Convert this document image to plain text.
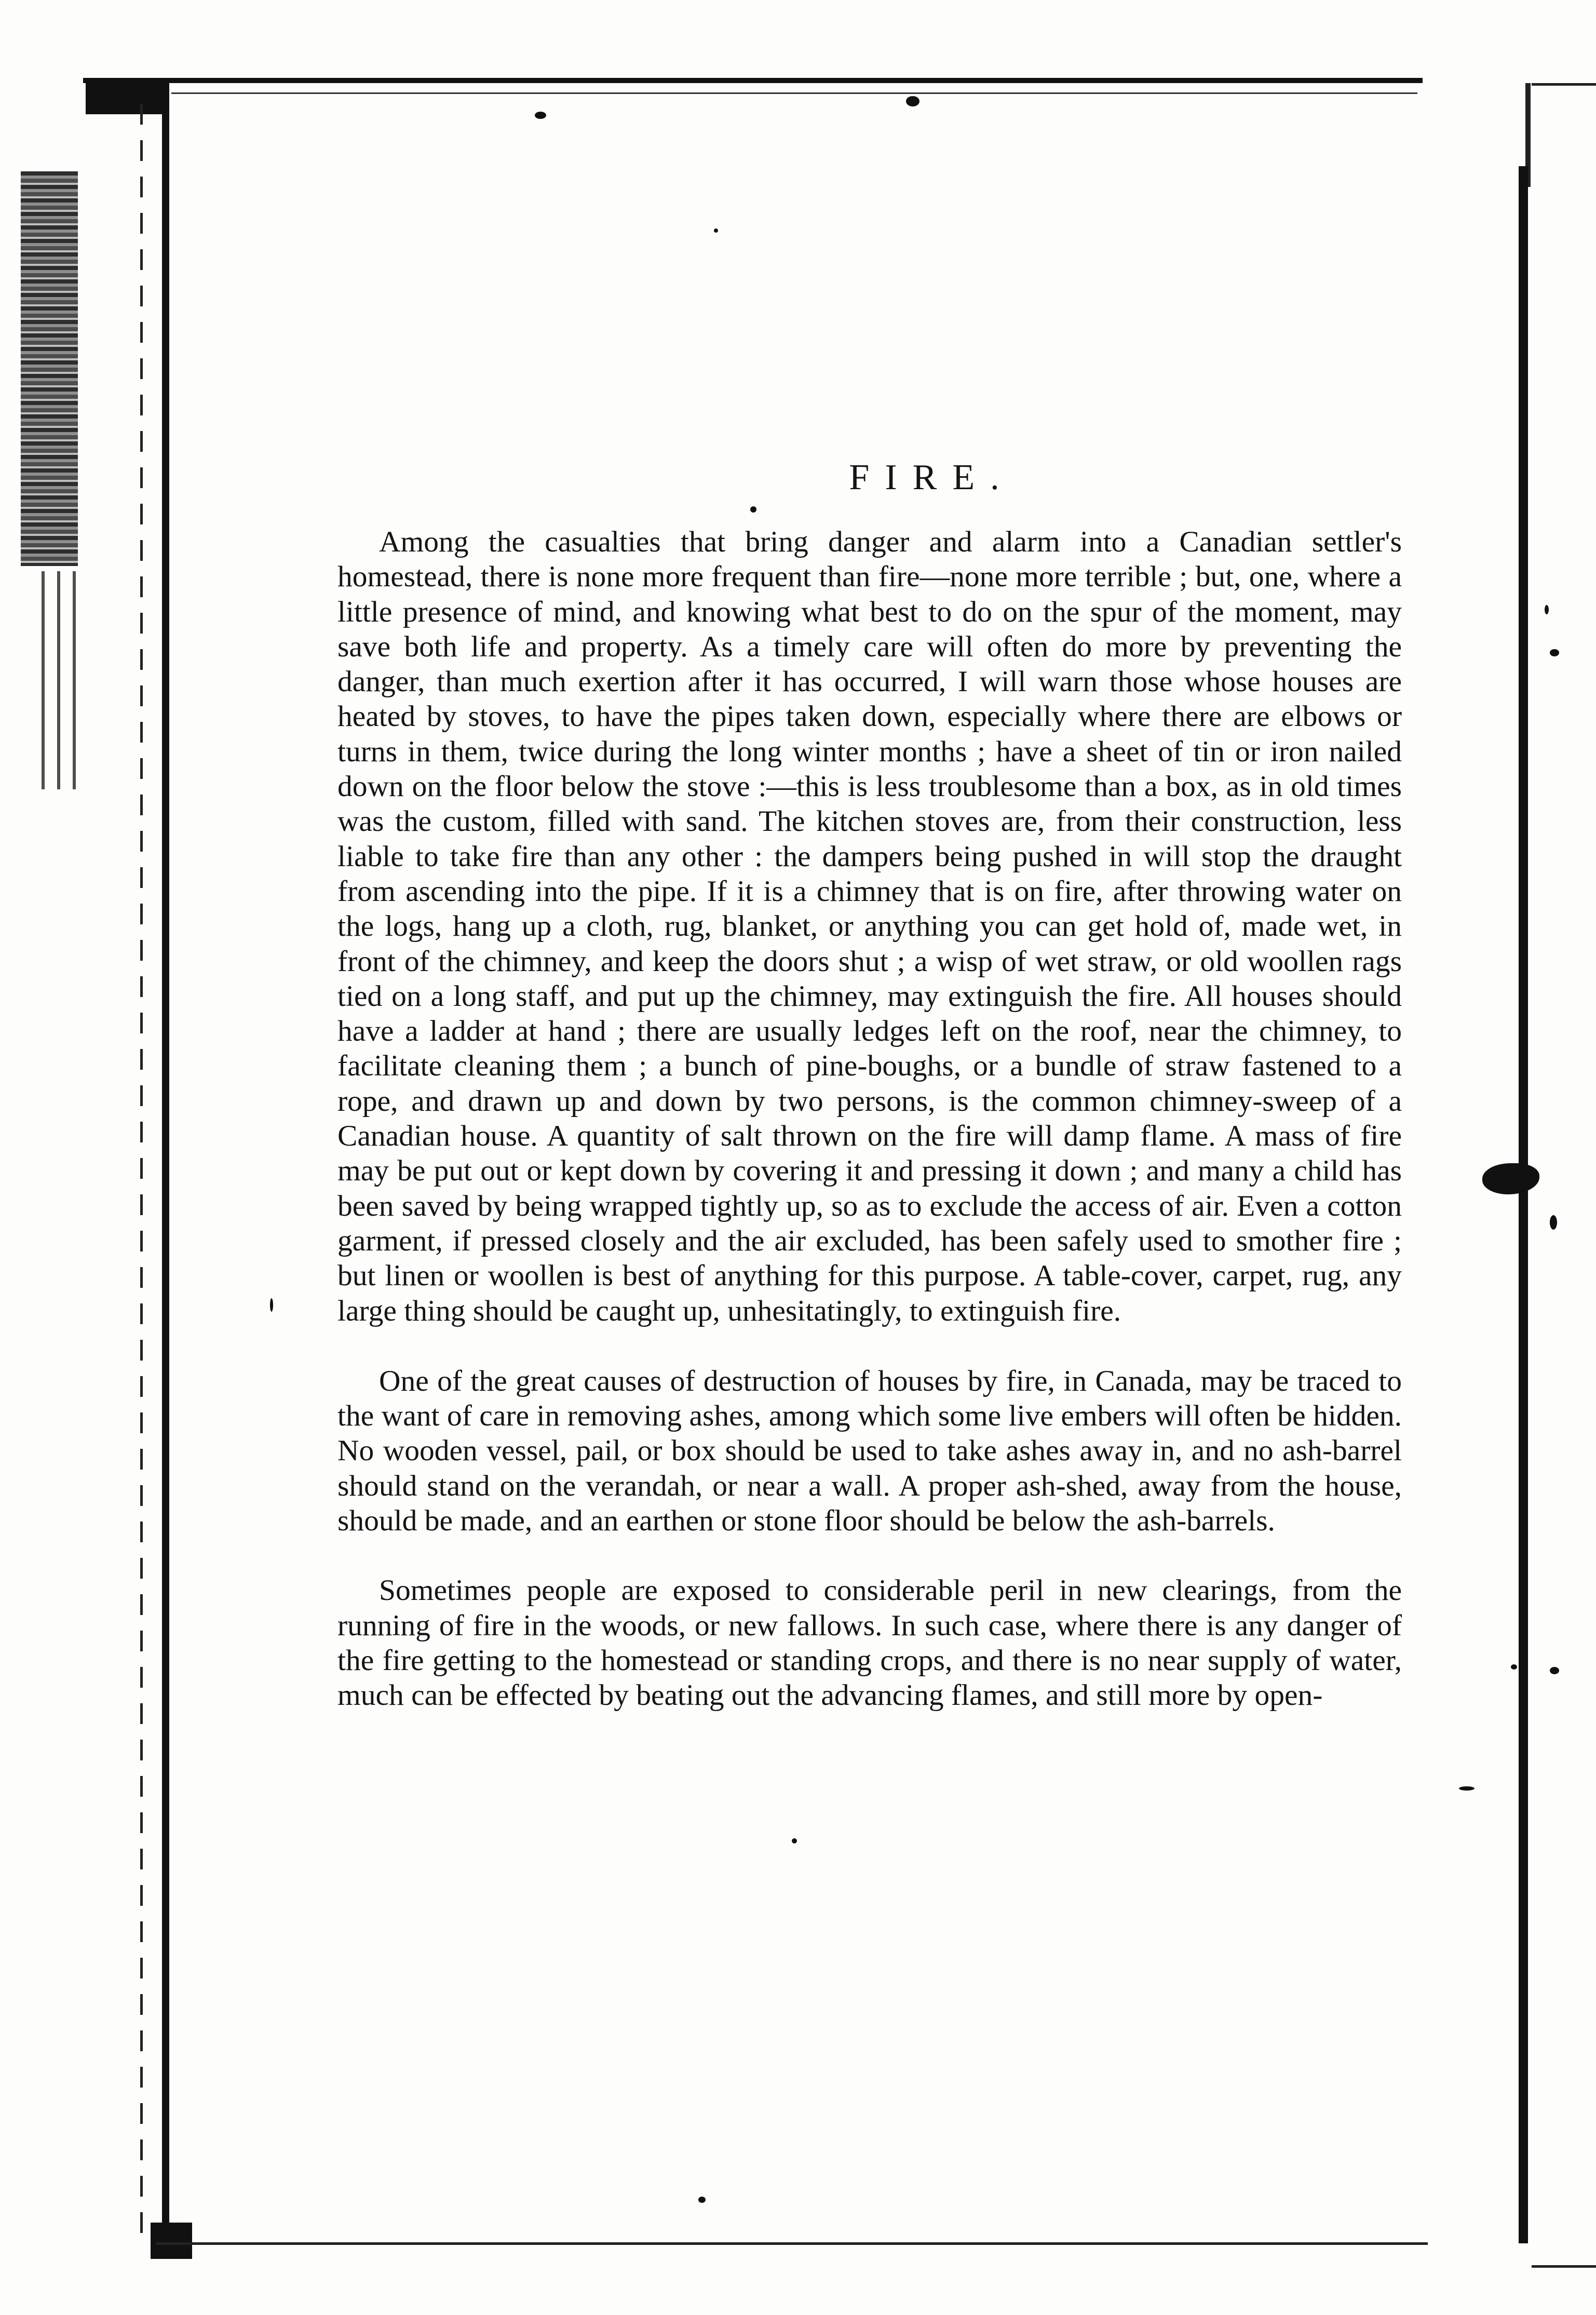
FIRE.

Among the casualties that bring danger and alarm into a Canadian settler's homestead, there is none more frequent than fire—none more terrible ; but, one, where a little presence of mind, and knowing what best to do on the spur of the moment, may save both life and property. As a timely care will often do more by preventing the danger, than much exertion after it has occurred, I will warn those whose houses are heated by stoves, to have the pipes taken down, especially where there are elbows or turns in them, twice during the long winter months ; have a sheet of tin or iron nailed down on the floor below the stove :—this is less troublesome than a box, as in old times was the custom, filled with sand. The kitchen stoves are, from their construction, less liable to take fire than any other : the dampers being pushed in will stop the draught from ascending into the pipe. If it is a chimney that is on fire, after throwing water on the logs, hang up a cloth, rug, blanket, or anything you can get hold of, made wet, in front of the chimney, and keep the doors shut ; a wisp of wet straw, or old woollen rags tied on a long staff, and put up the chimney, may extinguish the fire. All houses should have a ladder at hand ; there are usually ledges left on the roof, near the chimney, to facilitate cleaning them ; a bunch of pine-boughs, or a bundle of straw fastened to a rope, and drawn up and down by two persons, is the common chimney-sweep of a Canadian house. A quantity of salt thrown on the fire will damp flame. A mass of fire may be put out or kept down by covering it and pressing it down ; and many a child has been saved by being wrapped tightly up, so as to exclude the access of air. Even a cotton garment, if pressed closely and the air excluded, has been safely used to smother fire ; but linen or woollen is best of anything for this purpose. A table-cover, carpet, rug, any large thing should be caught up, unhesitatingly, to extinguish fire.

One of the great causes of destruction of houses by fire, in Canada, may be traced to the want of care in removing ashes, among which some live embers will often be hidden. No wooden vessel, pail, or box should be used to take ashes away in, and no ash-barrel should stand on the verandah, or near a wall. A proper ash-shed, away from the house, should be made, and an earthen or stone floor should be below the ash-barrels.

Sometimes people are exposed to considerable peril in new clearings, from the running of fire in the woods, or new fallows. In such case, where there is any danger of the fire getting to the homestead or standing crops, and there is no near supply of water, much can be effected by beating out the advancing flames, and still more by open-
